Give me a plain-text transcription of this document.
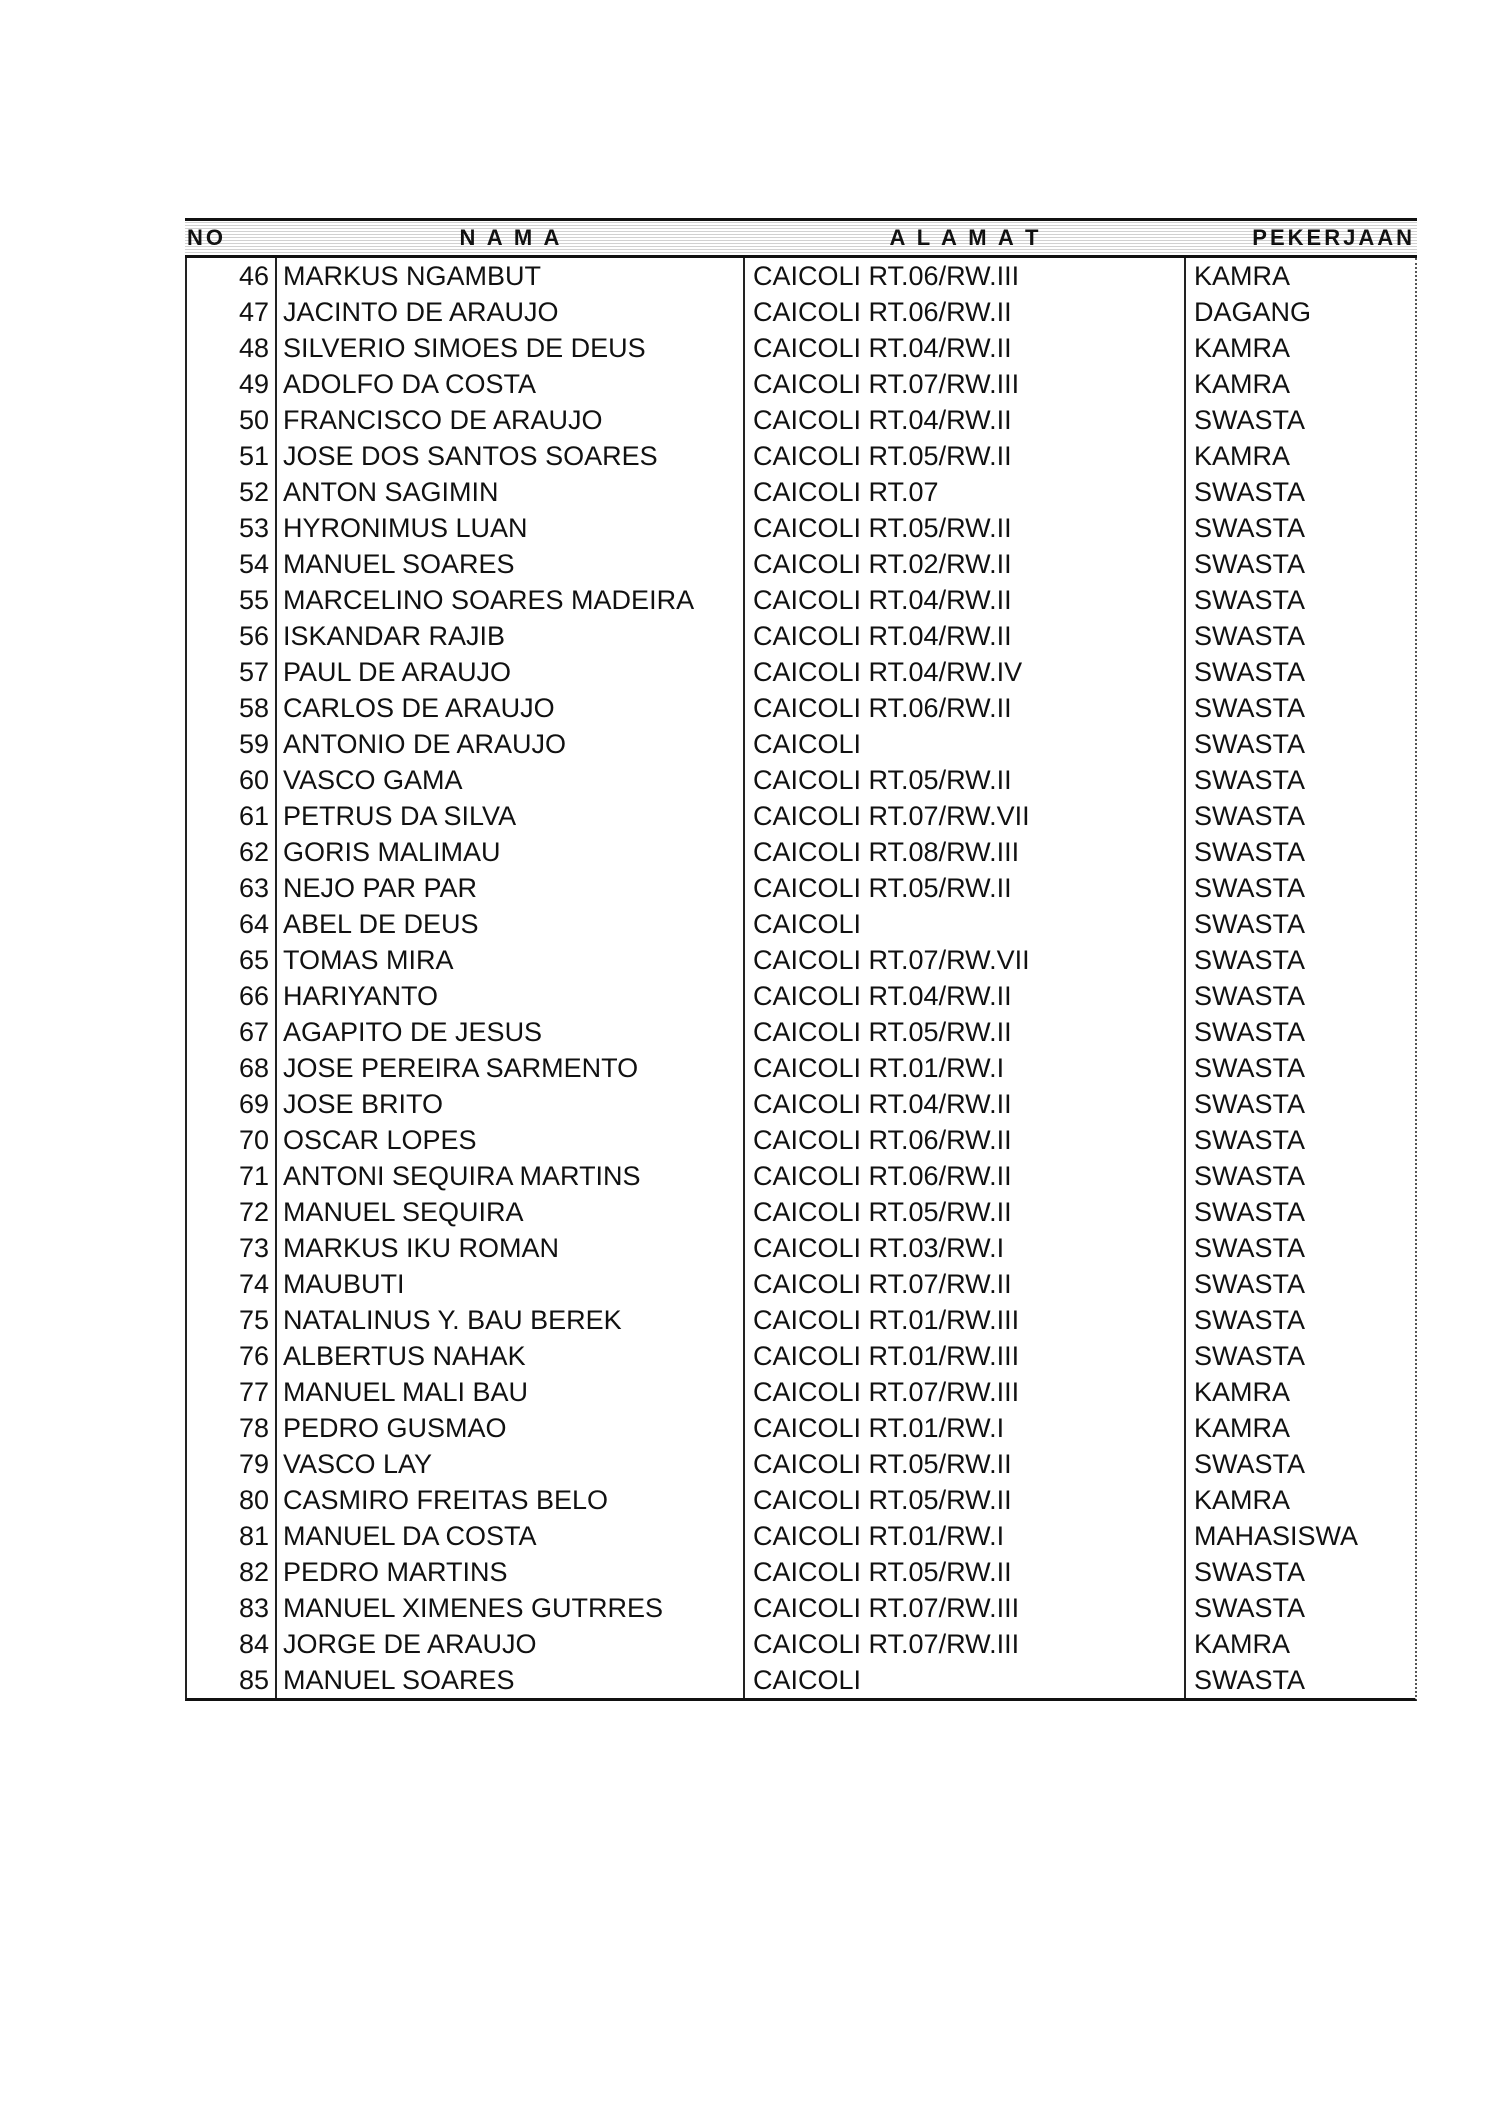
NO	N A M A	A L A M A T	PEKERJAAN
46 MARKUS NGAMBUT	CAICOLI RT.06/RW.III	KAMRA
47 JACINTO DE ARAUJO	CAICOLI RT.06/RW.II	DAGANG
48 SILVERIO SIMOES DE DEUS	CAICOLI RT.04/RW.II	KAMRA
49 ADOLFO DA COSTA	CAICOLI RT.07/RW.III	KAMRA
50 FRANCISCO DE ARAUJO	CAICOLI RT.04/RW.II	SWASTA
51 JOSE DOS SANTOS SOARES	CAICOLI RT.05/RW.II	KAMRA
52 ANTON SAGIMIN	CAICOLI RT.07	SWASTA
53 HYRONIMUS LUAN	CAICOLI RT.05/RW.II	SWASTA
54 MANUEL SOARES	CAICOLI RT.02/RW.II	SWASTA
55 MARCELINO SOARES MADEIRA	CAICOLI RT.04/RW.II	SWASTA
56 ISKANDAR RAJIB	CAICOLI RT.04/RW.II	SWASTA
57 PAUL DE ARAUJO	CAICOLI RT.04/RW.IV	SWASTA
58 CARLOS DE ARAUJO	CAICOLI RT.06/RW.II	SWASTA
59 ANTONIO DE ARAUJO	CAICOLI	SWASTA
60 VASCO GAMA	CAICOLI RT.05/RW.II	SWASTA
61 PETRUS DA SILVA	CAICOLI RT.07/RW.VII	SWASTA
62 GORIS MALIMAU	CAICOLI RT.08/RW.III	SWASTA
63 NEJO PAR PAR	CAICOLI RT.05/RW.II	SWASTA
64 ABEL DE DEUS	CAICOLI	SWASTA
65 TOMAS MIRA	CAICOLI RT.07/RW.VII	SWASTA
66 HARIYANTO	CAICOLI RT.04/RW.II	SWASTA
67 AGAPITO DE JESUS	CAICOLI RT.05/RW.II	SWASTA
68 JOSE PEREIRA SARMENTO	CAICOLI RT.01/RW.I	SWASTA
69 JOSE BRITO	CAICOLI RT.04/RW.II	SWASTA
70 OSCAR LOPES	CAICOLI RT.06/RW.II	SWASTA
71 ANTONI SEQUIRA MARTINS	CAICOLI RT.06/RW.II	SWASTA
72 MANUEL SEQUIRA	CAICOLI RT.05/RW.II	SWASTA
73 MARKUS IKU ROMAN	CAICOLI RT.03/RW.I	SWASTA
74 MAUBUTI	CAICOLI RT.07/RW.II	SWASTA
75 NATALINUS Y. BAU BEREK	CAICOLI RT.01/RW.III	SWASTA
76 ALBERTUS NAHAK	CAICOLI RT.01/RW.III	SWASTA
77 MANUEL MALI BAU	CAICOLI RT.07/RW.III	KAMRA
78 PEDRO GUSMAO	CAICOLI RT.01/RW.I	KAMRA
79 VASCO LAY	CAICOLI RT.05/RW.II	SWASTA
80 CASMIRO FREITAS BELO	CAICOLI RT.05/RW.II	KAMRA
81 MANUEL DA COSTA	CAICOLI RT.01/RW.I	MAHASISWA
82 PEDRO MARTINS	CAICOLI RT.05/RW.II	SWASTA
83 MANUEL XIMENES GUTRRES	CAICOLI RT.07/RW.III	SWASTA
84 JORGE DE ARAUJO	CAICOLI RT.07/RW.III	KAMRA
85 MANUEL SOARES	CAICOLI	SWASTA
